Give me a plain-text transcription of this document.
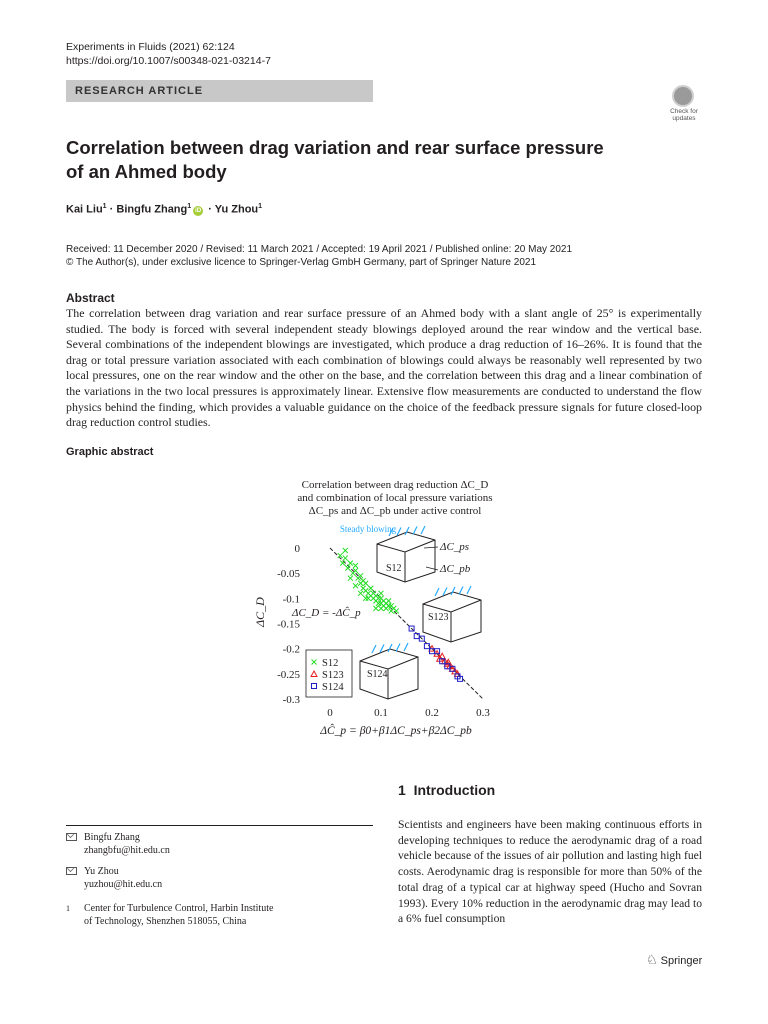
Experiments in Fluids (2021) 62:124
https://doi.org/10.1007/s00348-021-03214-7
RESEARCH ARTICLE
Check for
updates
Correlation between drag variation and rear surface pressure
of an Ahmed body
Kai Liu$^1$ · Bingfu Zhang$^1$iD · Yu Zhou$^1$
Received: 11 December 2020 / Revised: 11 March 2021 / Accepted: 19 April 2021 / Published online: 20 May 2021
© The Author(s), under exclusive licence to Springer-Verlag GmbH Germany, part of Springer Nature 2021
Abstract
The correlation between drag variation and rear surface pressure of an Ahmed body with a slant angle of 25° is experimentally studied. The body is forced with several independent steady blowings deployed around the rear window and the vertical base. Several combinations of the independent blowings are investigated, which produce a drag reduction of 16–26%. It is found that the drag or total pressure variation associated with each combination of blowings could always be reasonably well represented by two local pressures, one on the rear window and the other on the base, and the correlation between this drag and a linear combination of the variations in the two local pressures is approximately linear. Extensive flow measurements are conducted to understand the flow physics behind the finding, which provides a valuable guidance on the choice of the feedback pressure signals for future closed-loop drag reduction control studies.
Graphic abstract
Correlation between drag reduction ΔC_D
and combination of local pressure variations
ΔC_ps and ΔC_pb under active control
0
-0.05
-0.1
-0.15
-0.2
-0.25
-0.3
0	0.1	0.2	0.3
ΔĈ_p = β0+β1ΔC_ps+β2ΔC_pb
ΔC_D
Steady blowing
S12
S123
S124
ΔC_ps
ΔC_pb
ΔC_D = -ΔĈ_p
S12
S123
S124
1 Introduction
Scientists and engineers have been making continuous efforts in developing techniques to reduce the aerodynamic drag of a road vehicle because of the issues of air pollution and lasting high fuel costs. Aerodynamic drag is responsible for more than 50% of the total drag of a typical car at highway speed (Hucho and Sovran 1993). Every 10% reduction in the aerodynamic drag may lead to a 6% fuel consumption
Bingfu Zhang
zhangbfu@hit.edu.cn
Yu Zhou
yuzhou@hit.edu.cn
1 Center for Turbulence Control, Harbin Institute
of Technology, Shenzhen 518055, China
♘ Springer
